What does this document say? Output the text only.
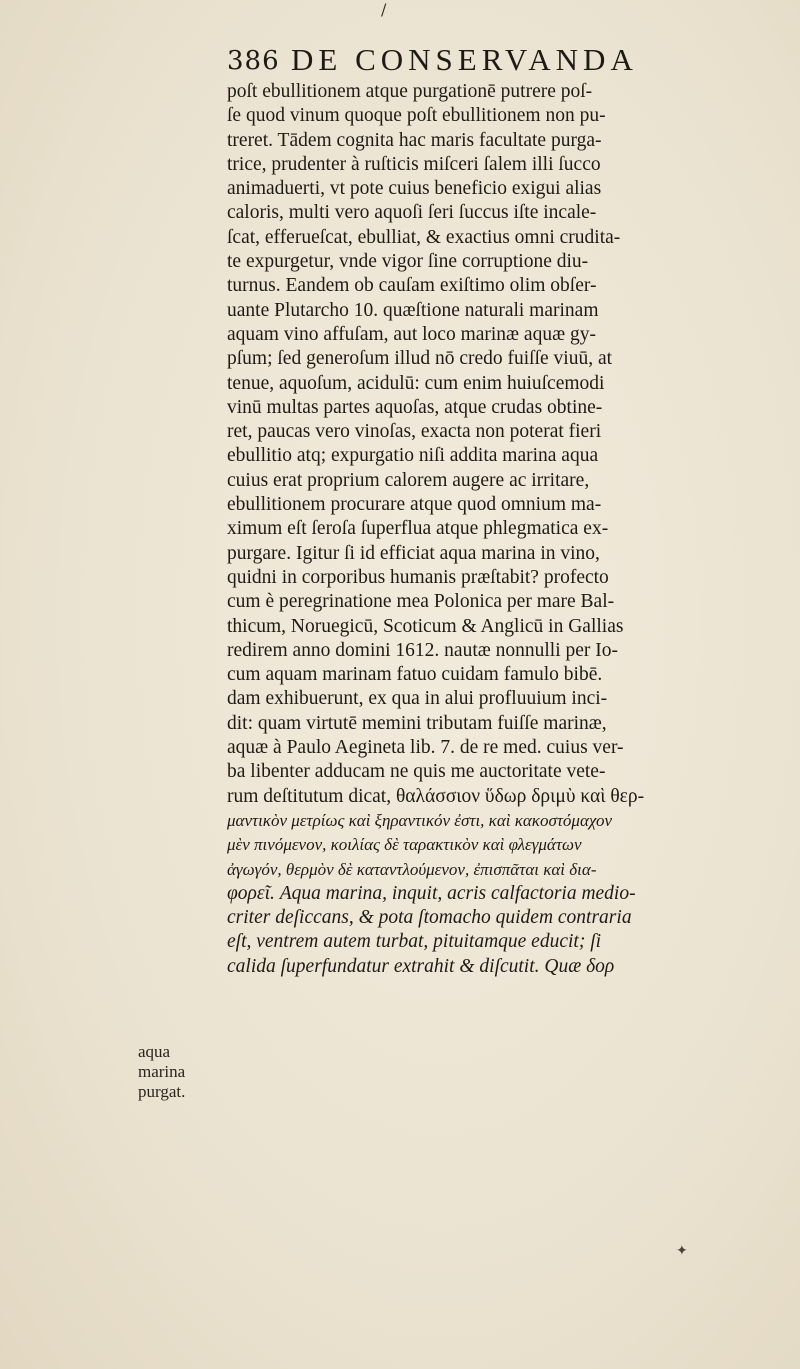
/
386 DE CONSERVANDA
poſt ebullitionem atque purgationē putrere poſ-
ſe quod vinum quoque poſt ebullitionem non pu-
treret. Tādem cognita hac maris facultate purga-
trice, prudenter à ruſticis miſceri ſalem illi ſucco
animaduerti, vt pote cuius beneficio exigui alias
caloris, multi vero aquoſi ſeri ſuccus iſte incale-
ſcat, efferueſcat, ebulliat, & exactius omni crudita-
te expurgetur, vnde vigor ſine corruptione diu-
turnus. Eandem ob cauſam exiſtimo olim obſer-
uante Plutarcho 10. quæſtione naturali marinam
aquam vino affuſam, aut loco marinæ aquæ gy-
pſum; ſed generoſum illud nō credo fuiſſe viuū, at
tenue, aquoſum, acidulū: cum enim huiuſcemodi
vinū multas partes aquoſas, atque crudas obtine-
ret, paucas vero vinoſas, exacta non poterat fieri
ebullitio atq; expurgatio niſi addita marina aqua
cuius erat proprium calorem augere ac irritare,
ebullitionem procurare atque quod omnium ma-
ximum eſt ſeroſa ſuperflua atque phlegmatica ex-
purgare. Igitur ſi id efficiat aqua marina in vino,
quidni in corporibus humanis præſtabit? profecto
cum è peregrinatione mea Polonica per mare Bal-
thicum, Noruegicū, Scoticum & Anglicū in Gallias
redirem anno domini 1612. nautæ nonnulli per Io-
cum aquam marinam fatuo cuidam famulo bibē.
dam exhibuerunt, ex qua in alui profluuium inci-
dit: quam virtutē memini tributam fuiſſe marinæ,
aquæ à Paulo Aegineta lib. 7. de re med. cuius ver-
ba libenter adducam ne quis me auctoritate vete-
rum deſtitutum dicat, θαλάσσιον ὕδωρ δριμὺ καὶ θερ-
μαντικὸν μετρίως καὶ ξηραντικόν ἐστι, καὶ κακοστόμαχον
μὲν πινόμενον, κοιλίας δὲ ταρακτικὸν καὶ φλεγμάτων
ἀγωγόν, θερμὸν δὲ καταντλούμενον, ἐπισπᾶται καὶ δια-
φορεῖ. Aqua marina, inquit, acris calfactoria medio-
criter deſiccans, & pota ſtomacho quidem contraria
eſt, ventrem autem turbat, pituitamque educit; ſi
calida ſuperfundatur extrahit & diſcutit. Quæ δορ
aqua
marina
purgat.
✦
